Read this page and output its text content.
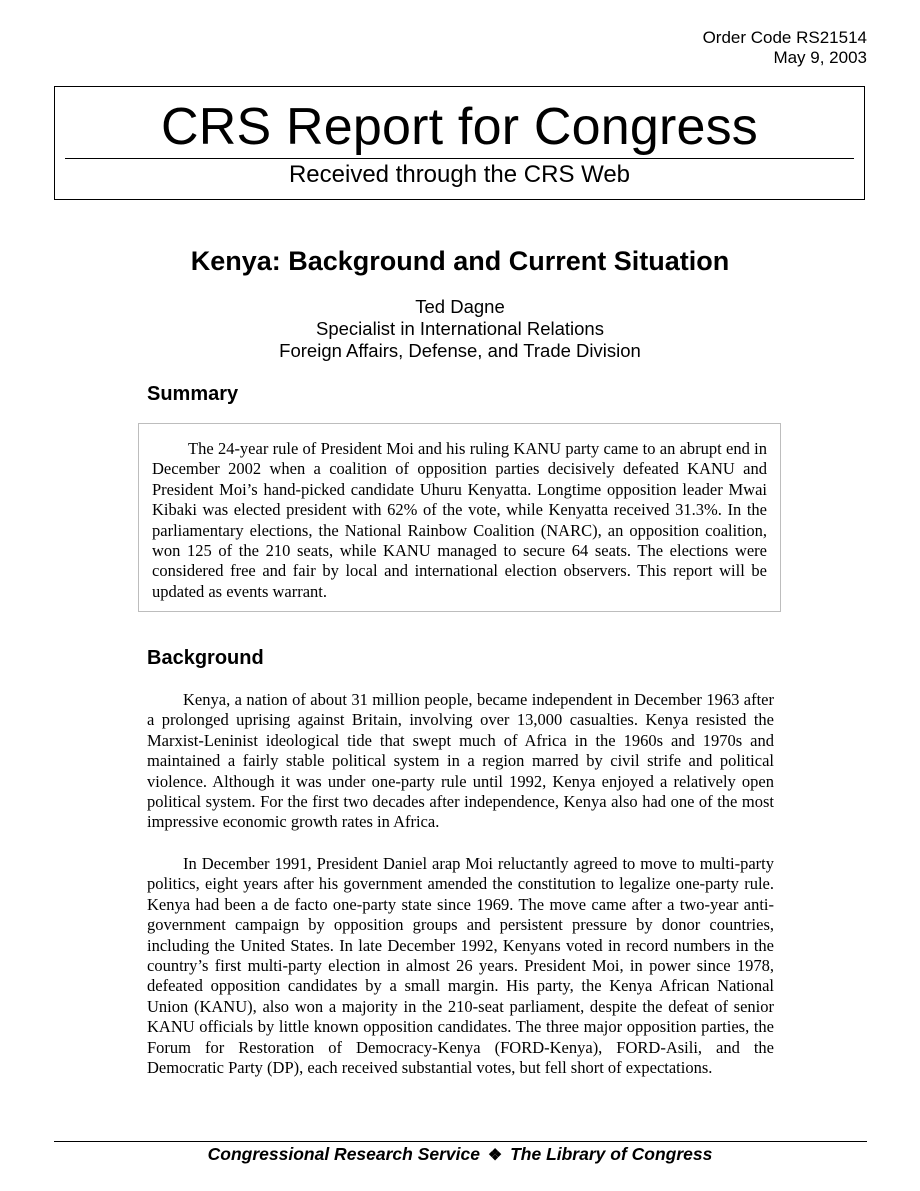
Order Code RS21514
May 9, 2003
CRS Report for Congress
Received through the CRS Web
Kenya: Background and Current Situation
Ted Dagne
Specialist in International Relations
Foreign Affairs, Defense, and Trade Division
Summary

The 24-year rule of President Moi and his ruling KANU party came to an abrupt end in December 2002 when a coalition of opposition parties decisively defeated KANU and President Moi’s hand-picked candidate Uhuru Kenyatta. Longtime opposition leader Mwai Kibaki was elected president with 62% of the vote, while Kenyatta received 31.3%. In the parliamentary elections, the National Rainbow Coalition (NARC), an opposition coalition, won 125 of the 210 seats, while KANU managed to secure 64 seats. The elections were considered free and fair by local and international election observers. This report will be updated as events warrant.

Background

Kenya, a nation of about 31 million people, became independent in December 1963 after a prolonged uprising against Britain, involving over 13,000 casualties. Kenya resisted the Marxist-Leninist ideological tide that swept much of Africa in the 1960s and 1970s and maintained a fairly stable political system in a region marred by civil strife and political violence. Although it was under one-party rule until 1992, Kenya enjoyed a relatively open political system. For the first two decades after independence, Kenya also had one of the most impressive economic growth rates in Africa.

In December 1991, President Daniel arap Moi reluctantly agreed to move to multi-party politics, eight years after his government amended the constitution to legalize one-party rule. Kenya had been a de facto one-party state since 1969. The move came after a two-year anti-government campaign by opposition groups and persistent pressure by donor countries, including the United States. In late December 1992, Kenyans voted in record numbers in the country’s first multi-party election in almost 26 years. President Moi, in power since 1978, defeated opposition candidates by a small margin. His party, the Kenya African National Union (KANU), also won a majority in the 210-seat parliament, despite the defeat of senior KANU officials by little known opposition candidates. The three major opposition parties, the Forum for Restoration of Democracy-Kenya (FORD-Kenya), FORD-Asili, and the Democratic Party (DP), each received substantial votes, but fell short of expectations.

Congressional Research Service ❖ The Library of Congress
